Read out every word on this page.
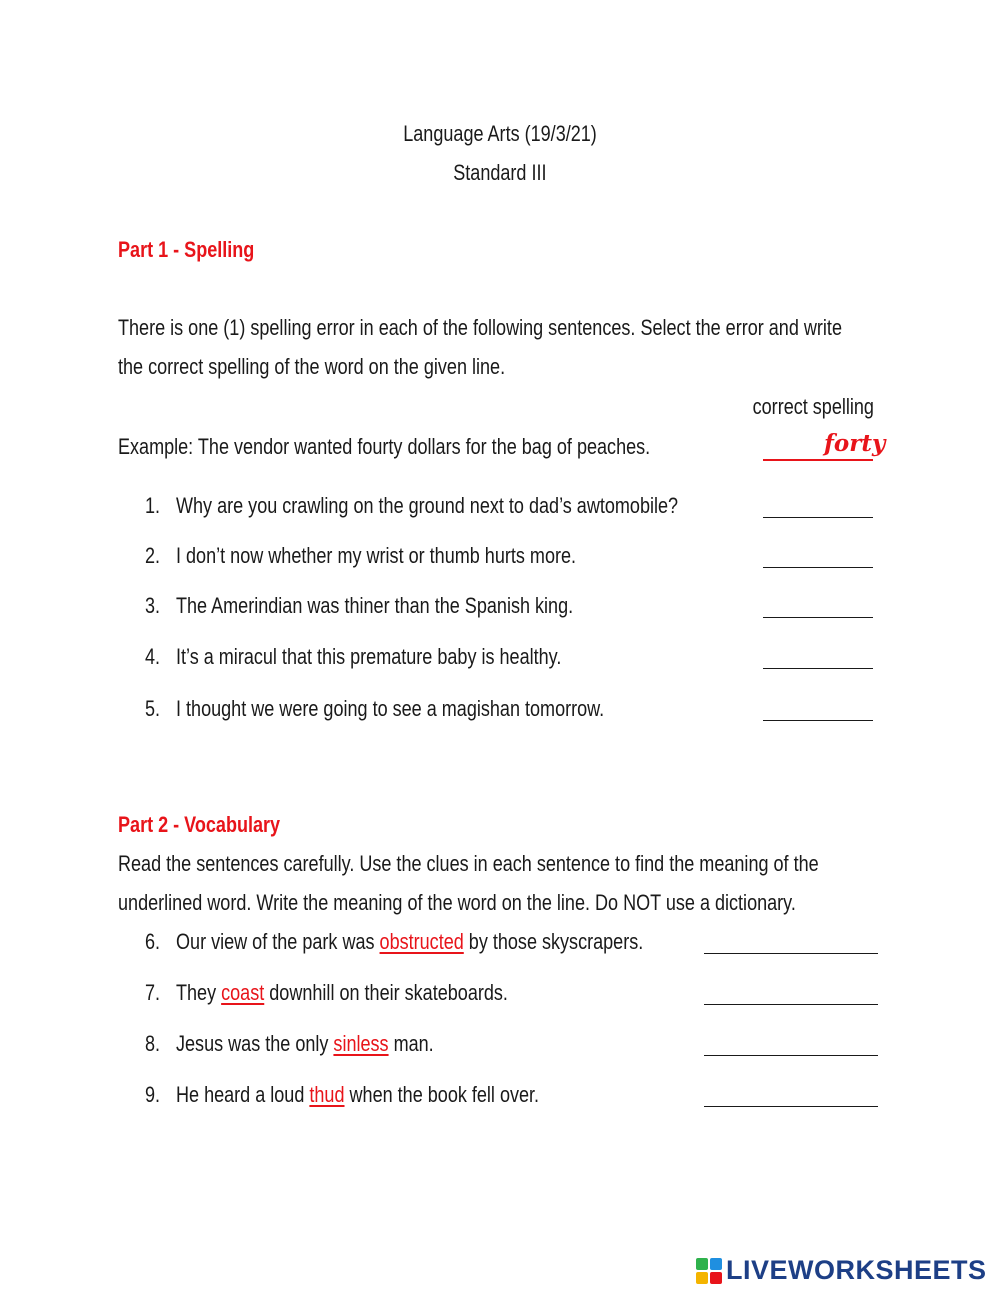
Language Arts (19/3/21)
Standard III
Part 1 - Spelling
There is one (1) spelling error in each of the following sentences. Select the error and write
the correct spelling of the word on the given line.
correct spelling
Example: The vendor wanted fourty dollars for the bag of peaches.	forty
1. Why are you crawling on the ground next to dad’s awtomobile?
2. I don’t now whether my wrist or thumb hurts more.
3. The Amerindian was thiner than the Spanish king.
4. It’s a miracul that this premature baby is healthy.
5. I thought we were going to see a magishan tomorrow.
Part 2 - Vocabulary
Read the sentences carefully. Use the clues in each sentence to find the meaning of the
underlined word. Write the meaning of the word on the line. Do NOT use a dictionary.
6. Our view of the park was obstructed by those skyscrapers.
7. They coast downhill on their skateboards.
8. Jesus was the only sinless man.
9. He heard a loud thud when the book fell over.
LIVEWORKSHEETS
